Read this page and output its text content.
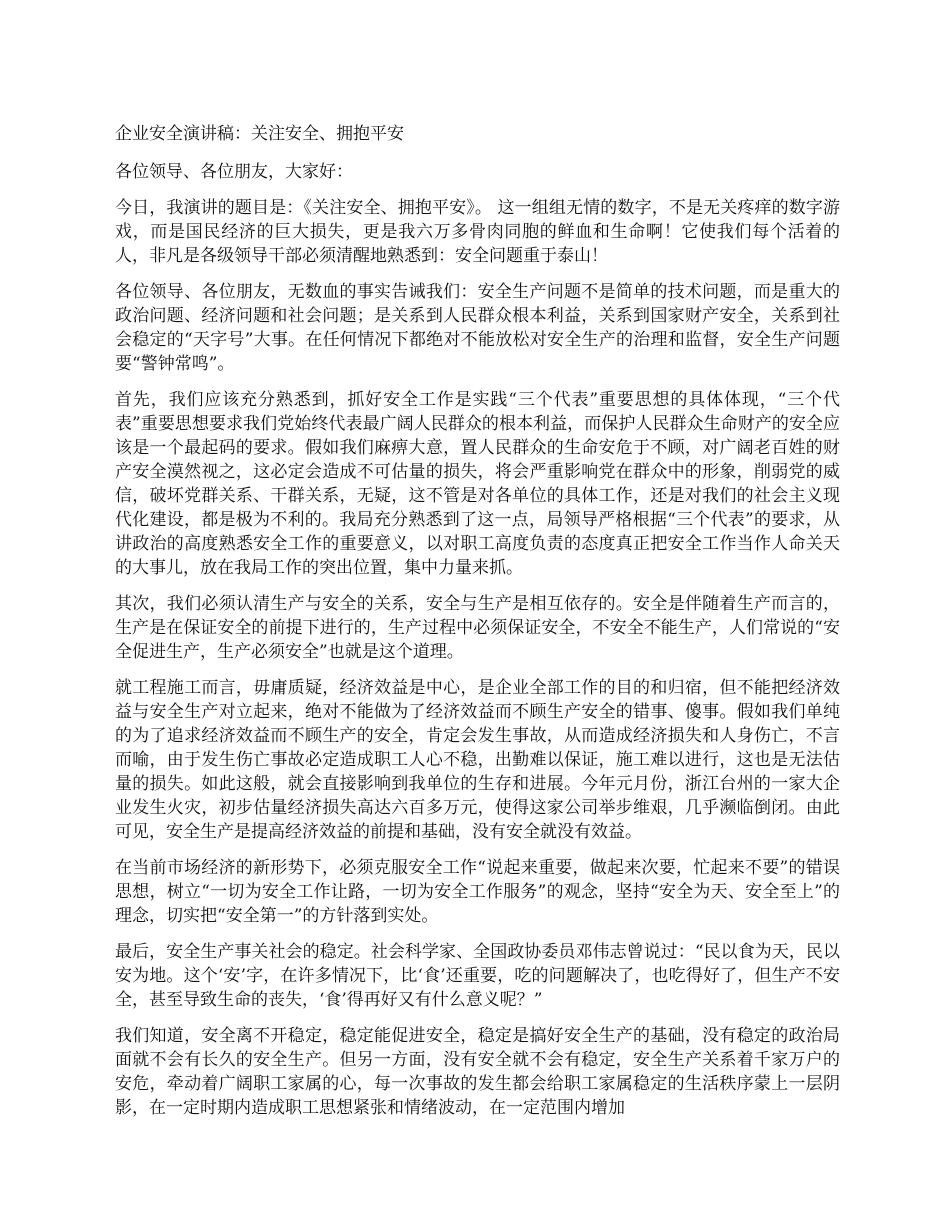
企业安全演讲稿：关注安全、拥抱平安

各位领导、各位朋友，大家好：

今日，我演讲的题目是：《关注安全、拥抱平安》。 这一组组无情的数字，不是无关疼痒的数字游戏，而是国民经济的巨大损失，更是我六万多骨肉同胞的鲜血和生命啊！它使我们每个活着的人，非凡是各级领导干部必须清醒地熟悉到：安全问题重于泰山！

各位领导、各位朋友，无数血的事实告诫我们：安全生产问题不是简单的技术问题，而是重大的政治问题、经济问题和社会问题；是关系到人民群众根本利益，关系到国家财产安全，关系到社会稳定的“天字号”大事。在任何情况下都绝对不能放松对安全生产的治理和监督，安全生产问题要“警钟常鸣”。

首先，我们应该充分熟悉到，抓好安全工作是实践“三个代表”重要思想的具体体现，“三个代表”重要思想要求我们党始终代表最广阔人民群众的根本利益，而保护人民群众生命财产的安全应该是一个最起码的要求。假如我们麻痹大意，置人民群众的生命安危于不顾，对广阔老百姓的财产安全漠然视之，这必定会造成不可估量的损失，将会严重影响党在群众中的形象，削弱党的威信，破坏党群关系、干群关系，无疑，这不管是对各单位的具体工作，还是对我们的社会主义现代化建设，都是极为不利的。我局充分熟悉到了这一点，局领导严格根据“三个代表”的要求，从讲政治的高度熟悉安全工作的重要意义，以对职工高度负责的态度真正把安全工作当作人命关天的大事儿，放在我局工作的突出位置，集中力量来抓。

其次，我们必须认清生产与安全的关系，安全与生产是相互依存的。安全是伴随着生产而言的，生产是在保证安全的前提下进行的，生产过程中必须保证安全，不安全不能生产，人们常说的“安全促进生产，生产必须安全”也就是这个道理。

就工程施工而言，毋庸质疑，经济效益是中心，是企业全部工作的目的和归宿，但不能把经济效益与安全生产对立起来，绝对不能做为了经济效益而不顾生产安全的错事、傻事。假如我们单纯的为了追求经济效益而不顾生产的安全，肯定会发生事故，从而造成经济损失和人身伤亡，不言而喻，由于发生伤亡事故必定造成职工人心不稳，出勤难以保证，施工难以进行，这也是无法估量的损失。如此这般，就会直接影响到我单位的生存和进展。今年元月份，浙江台州的一家大企业发生火灾，初步估量经济损失高达六百多万元，使得这家公司举步维艰，几乎濒临倒闭。由此可见，安全生产是提高经济效益的前提和基础，没有安全就没有效益。

在当前市场经济的新形势下，必须克服安全工作“说起来重要，做起来次要，忙起来不要”的错误思想，树立“一切为安全工作让路，一切为安全工作服务”的观念，坚持“安全为天、安全至上”的理念，切实把“安全第一”的方针落到实处。

最后，安全生产事关社会的稳定。社会科学家、全国政协委员邓伟志曾说过：“民以食为天，民以安为地。这个‘安’字，在许多情况下，比‘食’还重要，吃的问题解决了，也吃得好了，但生产不安全，甚至导致生命的丧失，‘食’得再好又有什么意义呢？”

我们知道，安全离不开稳定，稳定能促进安全，稳定是搞好安全生产的基础，没有稳定的政治局面就不会有长久的安全生产。但另一方面，没有安全就不会有稳定，安全生产关系着千家万户的安危，牵动着广阔职工家属的心，每一次事故的发生都会给职工家属稳定的生活秩序蒙上一层阴影，在一定时期内造成职工思想紧张和情绪波动，在一定范围内增加
